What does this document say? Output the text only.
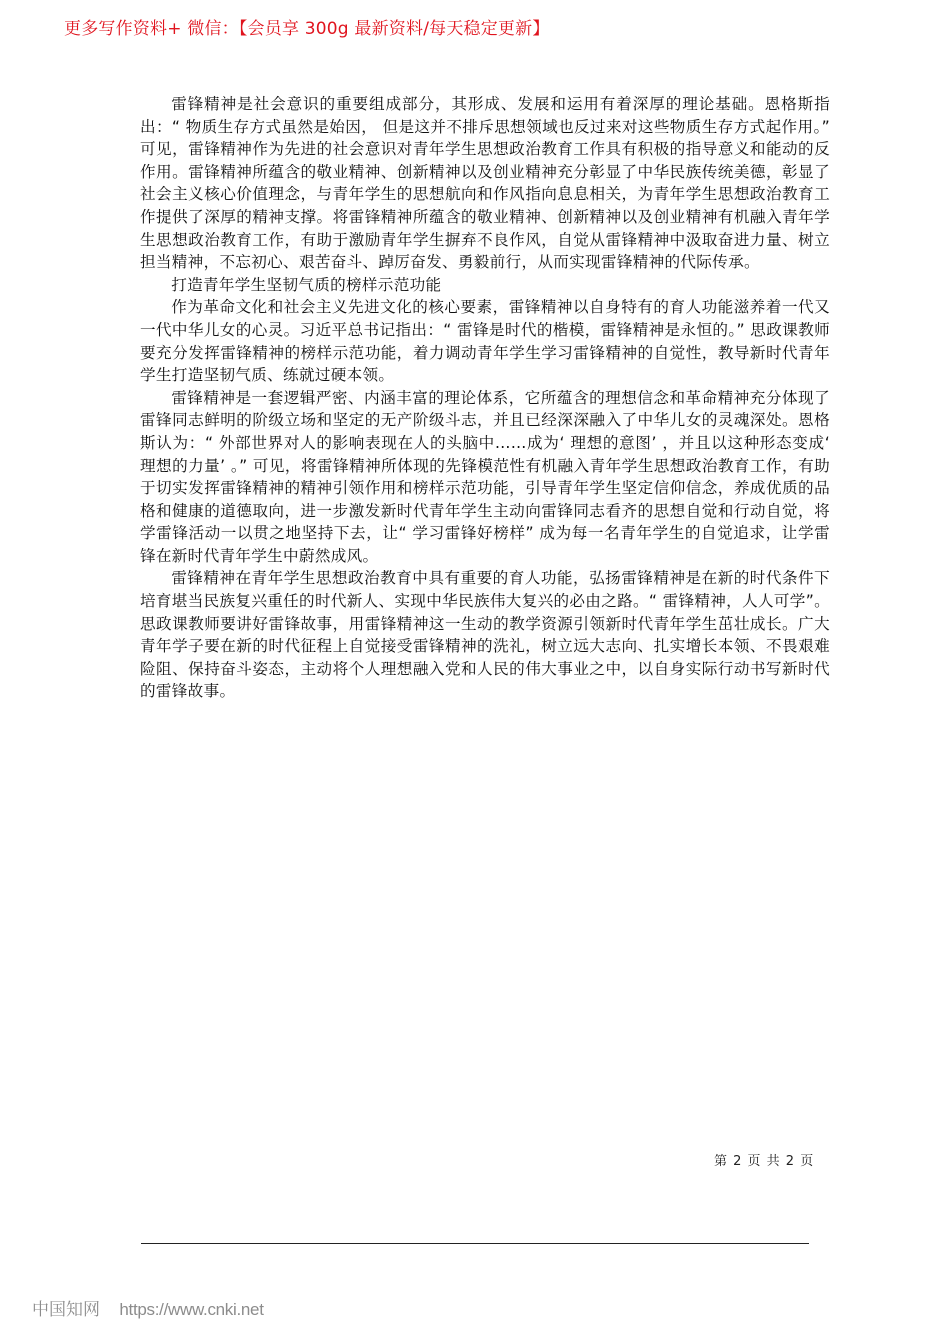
更多写作资料+ 微信：【会员享 300g 最新资料/每天稳定更新】

雷锋精神是社会意识的重要组成部分，其形成、发展和运用有着深厚的理论基础。恩格斯指出：“ 物质生存方式虽然是始因， 但是这并不排斥思想领域也反过来对这些物质生存方式起作用。” 可见，雷锋精神作为先进的社会意识对青年学生思想政治教育工作具有积极的指导意义和能动的反作用。雷锋精神所蕴含的敬业精神、创新精神以及创业精神充分彰显了中华民族传统美德，彰显了社会主义核心价值理念，与青年学生的思想航向和作风指向息息相关，为青年学生思想政治教育工作提供了深厚的精神支撑。将雷锋精神所蕴含的敬业精神、创新精神以及创业精神有机融入青年学生思想政治教育工作，有助于激励青年学生摒弃不良作风，自觉从雷锋精神中汲取奋进力量、树立担当精神，不忘初心、艰苦奋斗、踔厉奋发、勇毅前行，从而实现雷锋精神的代际传承。

打造青年学生坚韧气质的榜样示范功能

作为革命文化和社会主义先进文化的核心要素，雷锋精神以自身特有的育人功能滋养着一代又一代中华儿女的心灵。习近平总书记指出：“ 雷锋是时代的楷模，雷锋精神是永恒的。” 思政课教师要充分发挥雷锋精神的榜样示范功能，着力调动青年学生学习雷锋精神的自觉性，教导新时代青年学生打造坚韧气质、练就过硬本领。

雷锋精神是一套逻辑严密、内涵丰富的理论体系，它所蕴含的理想信念和革命精神充分体现了雷锋同志鲜明的阶级立场和坚定的无产阶级斗志，并且已经深深融入了中华儿女的灵魂深处。恩格斯认为：“ 外部世界对人的影响表现在人的头脑中……成为‘ 理想的意图’ ，并且以这种形态变成‘ 理想的力量’ 。” 可见，将雷锋精神所体现的先锋模范性有机融入青年学生思想政治教育工作，有助于切实发挥雷锋精神的精神引领作用和榜样示范功能，引导青年学生坚定信仰信念，养成优质的品格和健康的道德取向，进一步激发新时代青年学生主动向雷锋同志看齐的思想自觉和行动自觉，将学雷锋活动一以贯之地坚持下去，让“ 学习雷锋好榜样” 成为每一名青年学生的自觉追求，让学雷锋在新时代青年学生中蔚然成风。

雷锋精神在青年学生思想政治教育中具有重要的育人功能，弘扬雷锋精神是在新的时代条件下培育堪当民族复兴重任的时代新人、实现中华民族伟大复兴的必由之路。“ 雷锋精神，人人可学”。思政课教师要讲好雷锋故事，用雷锋精神这一生动的教学资源引领新时代青年学生茁壮成长。广大青年学子要在新的时代征程上自觉接受雷锋精神的洗礼，树立远大志向、扎实增长本领、不畏艰难险阻、保持奋斗姿态，主动将个人理想融入党和人民的伟大事业之中，以自身实际行动书写新时代的雷锋故事。

第 2 页 共 2 页
中国知网 https://www.cnki.net
